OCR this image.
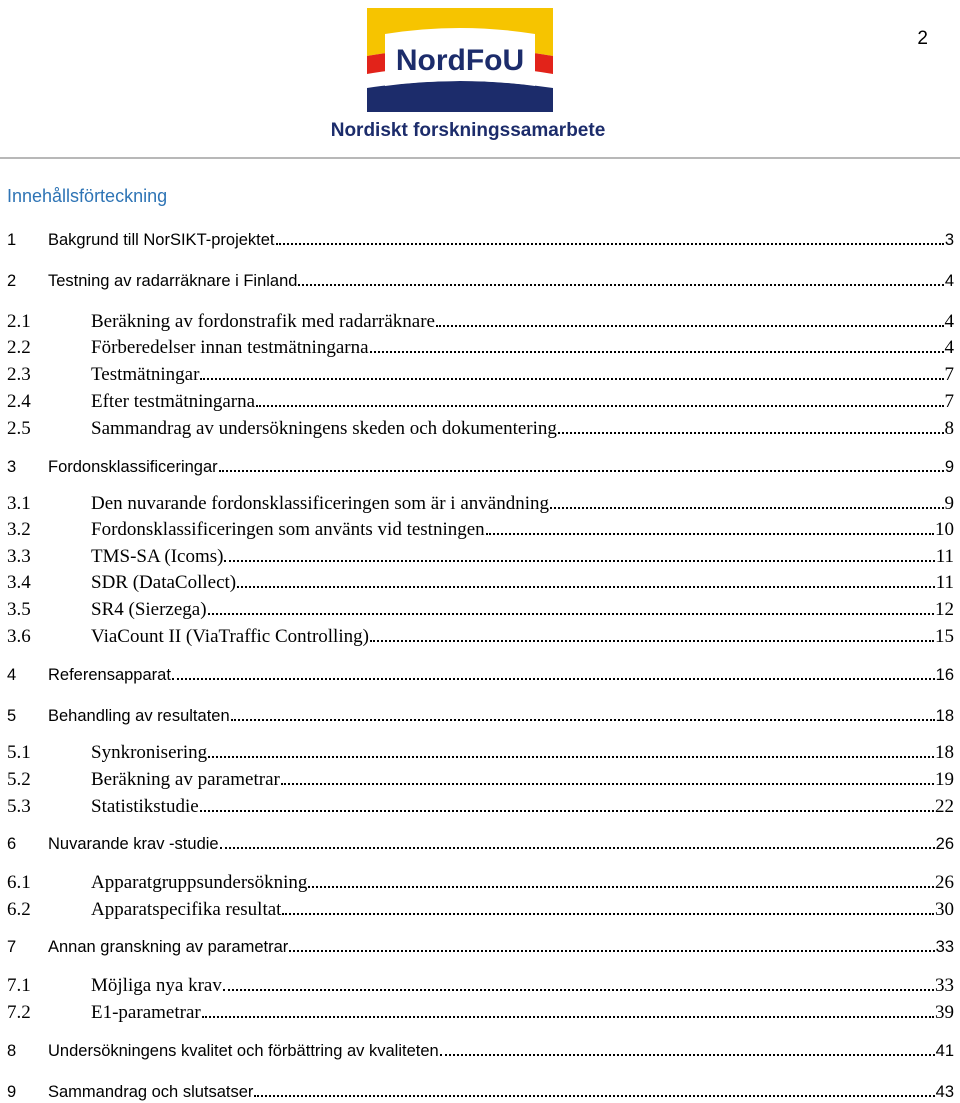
2
NordFoU
Nordiskt forskningssamarbete
Innehållsförteckning
1	Bakgrund till NorSIKT-projektet	3
2	Testning av radarräknare i Finland	4
2.1	Beräkning av fordonstrafik med radarräknare	4
2.2	Förberedelser innan testmätningarna	4
2.3	Testmätningar	7
2.4	Efter testmätningarna	7
2.5	Sammandrag av undersökningens skeden och dokumentering	8
3	Fordonsklassificeringar	9
3.1	Den nuvarande fordonsklassificeringen som är i användning	9
3.2	Fordonsklassificeringen som använts vid testningen	10
3.3	TMS-SA (Icoms)	11
3.4	SDR (DataCollect)	11
3.5	SR4 (Sierzega)	12
3.6	ViaCount II (ViaTraffic Controlling)	15
4	Referensapparat	16
5	Behandling av resultaten	18
5.1	Synkronisering	18
5.2	Beräkning av parametrar	19
5.3	Statistikstudie	22
6	Nuvarande krav -studie	26
6.1	Apparatgruppsundersökning	26
6.2	Apparatspecifika resultat	30
7	Annan granskning av parametrar	33
7.1	Möjliga nya krav	33
7.2	E1-parametrar	39
8	Undersökningens kvalitet och förbättring av kvaliteten	41
9	Sammandrag och slutsatser	43
